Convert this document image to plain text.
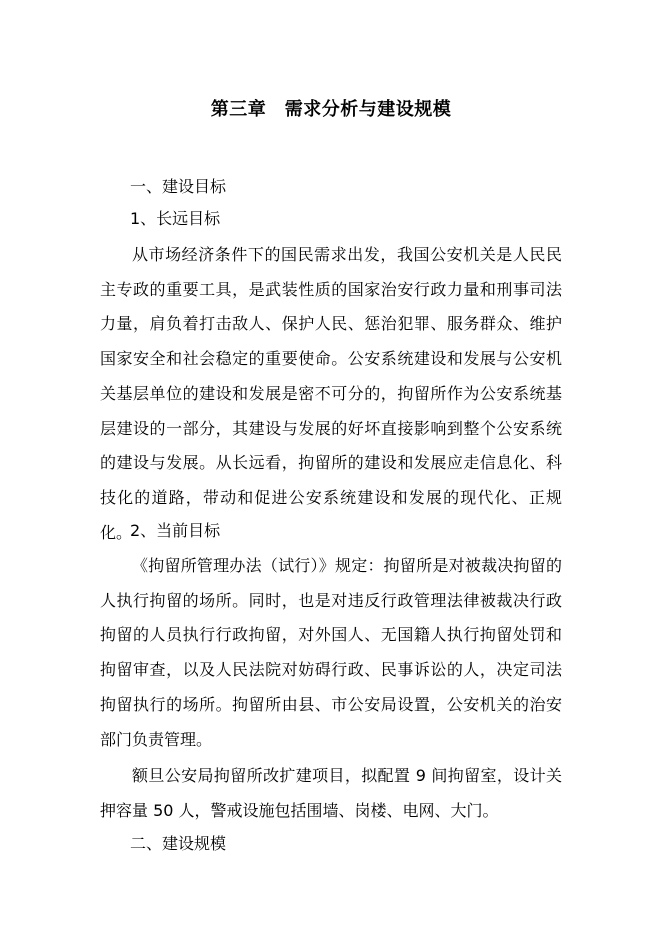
第三章　需求分析与建设规模
一、建设目标
1、长远目标

从市场经济条件下的国民需求出发，我国公安机关是人民民主专政的重要工具，是武装性质的国家治安行政力量和刑事司法力量，肩负着打击敌人、保护人民、惩治犯罪、服务群众、维护国家安全和社会稳定的重要使命。公安系统建设和发展与公安机关基层单位的建设和发展是密不可分的，拘留所作为公安系统基层建设的一部分，其建设与发展的好坏直接影响到整个公安系统的建设与发展。从长远看，拘留所的建设和发展应走信息化、科技化的道路，带动和促进公安系统建设和发展的现代化、正规化。

2、当前目标

《拘留所管理办法（试行）》规定：拘留所是对被裁决拘留的人执行拘留的场所。同时，也是对违反行政管理法律被裁决行政拘留的人员执行行政拘留，对外国人、无国籍人执行拘留处罚和拘留审查，以及人民法院对妨碍行政、民事诉讼的人，决定司法拘留执行的场所。拘留所由县、市公安局设置，公安机关的治安部门负责管理。

额旦公安局拘留所改扩建项目，拟配置 9 间拘留室，设计关押容量 50 人，警戒设施包括围墙、岗楼、电网、大门。

二、建设规模
